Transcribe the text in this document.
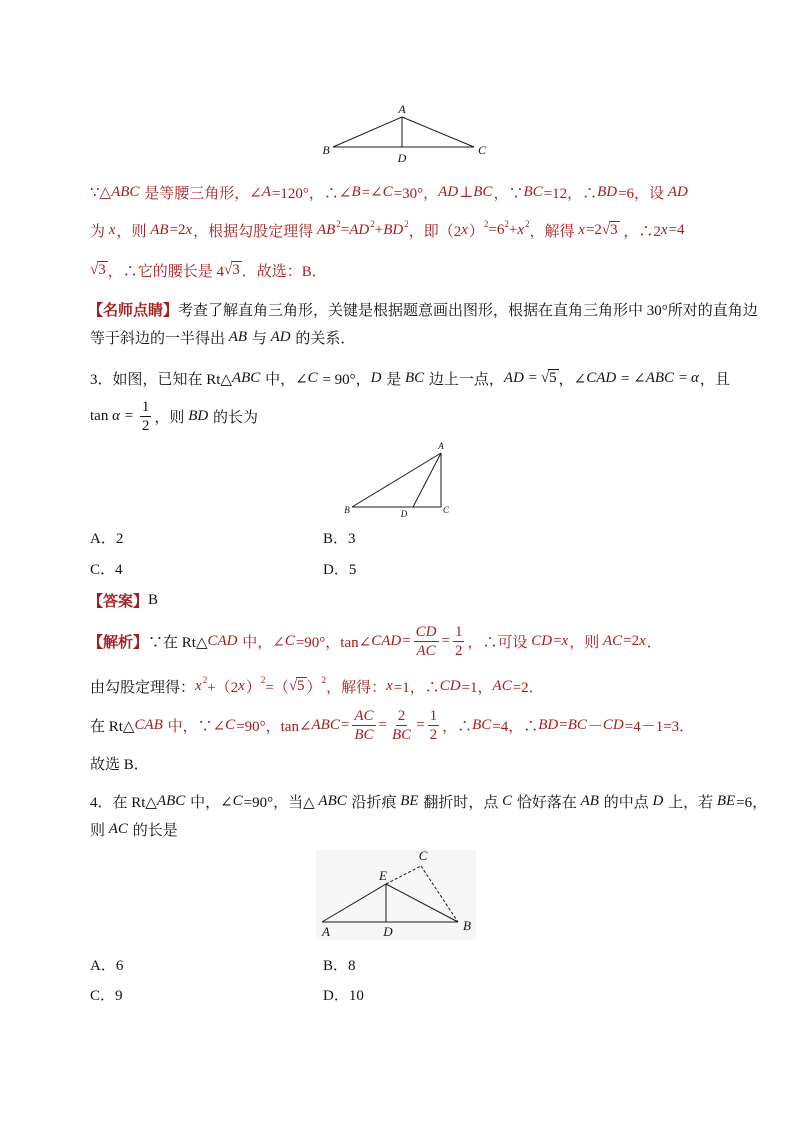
A
B	C
D
∵△ ABC 是等腰三角形，∠ A =120°，∴∠ B =∠ C =30°， AD ⊥ BC ，∵ BC =12，∴ BD =6，设 AD
为 x ，则 AB =2 x ，根据勾股定理得 AB 2 = AD 2 + BD 2 ，即（2 x ） 2 =6 2 + x 2 ，解得 x =2 √ 3 ，∴2 x =4
√ 3 ，∴它的腰长是 4 √ 3 ．故选：B．
【名师点睛】 考查了解直角三角形，关键是根据题意画出图形，根据在直角三角形中 30°所对的直角边
等于斜边的一半得出 AB 与 AD 的关系．
3．如图，已知在 Rt△ ABC 中，∠ C = 90°， D 是 BC 边上一点， AD = √ 5 ，∠ CAD = ∠ ABC = α ，且
$\tan \alpha = \frac{1}{2}$ ，则 BD 的长为
A
B	C
D
A．2	B．3
C．4	D．5
【答案】 B
【解析】 ∵在 Rt△ CAD 中，∠ C =90°，tan∠ CAD = $\frac{CD}{AC} = \frac{1}{2}$ ，∴可设 CD = x ，则 AC =2 x ．
由勾股定理得： x 2 +（2 x ） 2 =（ √ 5 ） 2 ，解得： x =1，∴ CD =1， AC =2．
在 Rt△ CAB 中，∵∠ C =90°，tan∠ ABC = $\frac{AC}{BC} = \frac{2}{BC} = \frac{1}{2}$ ，∴ BC =4，∴ BD = BC － CD =4－1=3．
故选 B．
4．在 Rt△ ABC 中，∠ C =90°，当△ ABC 沿折痕 BE 翻折时，点 C 恰好落在 AB 的中点 D 上，若 BE =6，
则 AC 的长是
C
E
A	D	B
A．6	B．8
C．9	D．10
